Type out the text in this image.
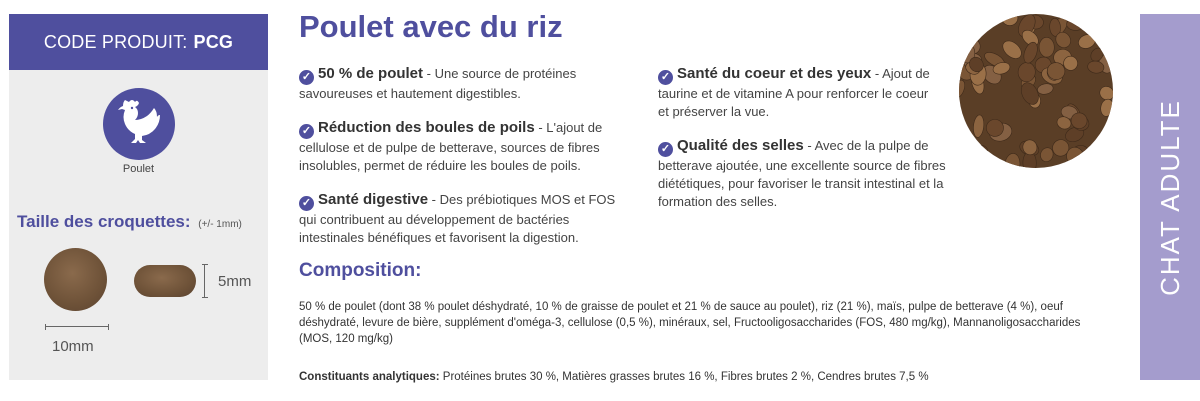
CODE PRODUIT: PCG
Poulet
Taille des croquettes: (+/- 1mm)
5mm
10mm
Poulet avec du riz
✓ 50 % de poulet - Une source de protéines savoureuses et hautement digestibles.
✓ Réduction des boules de poils - L'ajout de cellulose et de pulpe de betterave, sources de fibres insolubles, permet de réduire les boules de poils.
✓ Santé digestive - Des prébiotiques MOS et FOS qui contribuent au développement de bactéries intestinales bénéfiques et favorisent la digestion.
✓ Santé du coeur et des yeux - Ajout de taurine et de vitamine A pour renforcer le coeur et préserver la vue.
✓ Qualité des selles - Avec de la pulpe de betterave ajoutée, une excellente source de fibres diététiques, pour favoriser le transit intestinal et la formation des selles.
Composition:
50 % de poulet (dont 38 % poulet déshydraté, 10 % de graisse de poulet et 21 % de sauce au poulet), riz (21 %), maïs, pulpe de betterave (4 %), oeuf déshydraté, levure de bière, supplément d'oméga-3, cellulose (0,5 %), minéraux, sel, Fructooligosaccharides (FOS, 480 mg/kg), Mannanoligosaccharides (MOS, 120 mg/kg)
Constituants analytiques: Protéines brutes 30 %, Matières grasses brutes 16 %, Fibres brutes 2 %, Cendres brutes 7,5 %
CHAT ADULTE
